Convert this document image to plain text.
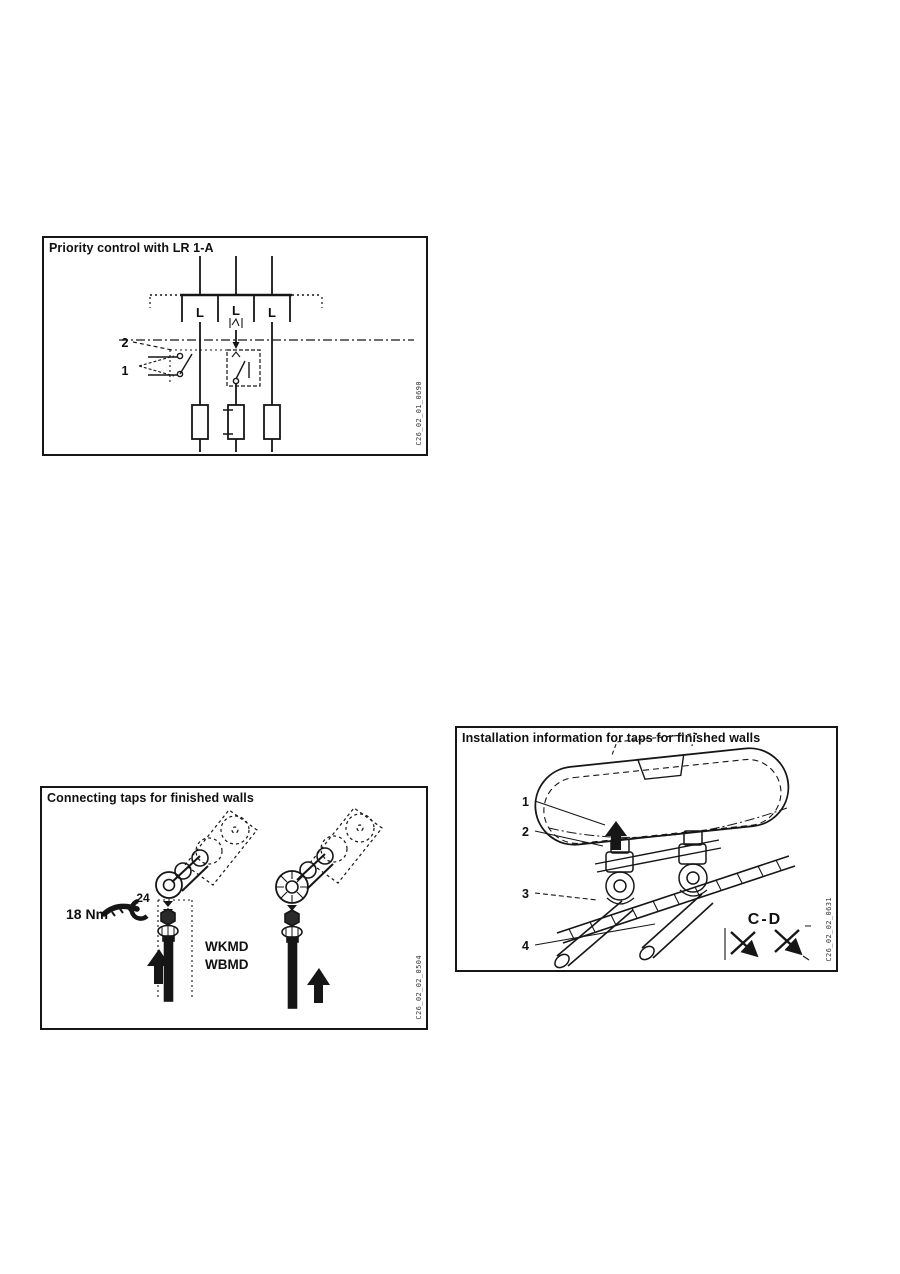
L L L
2
1
Priority control with LR 1-A
C26_02_01_0690
18 Nm
24
WKMD
WBMD
Connecting taps for finished walls
C26_02_02_0504
1
2
3
4
C-D
Installation information for taps for finished walls
C26_02_02_0631
